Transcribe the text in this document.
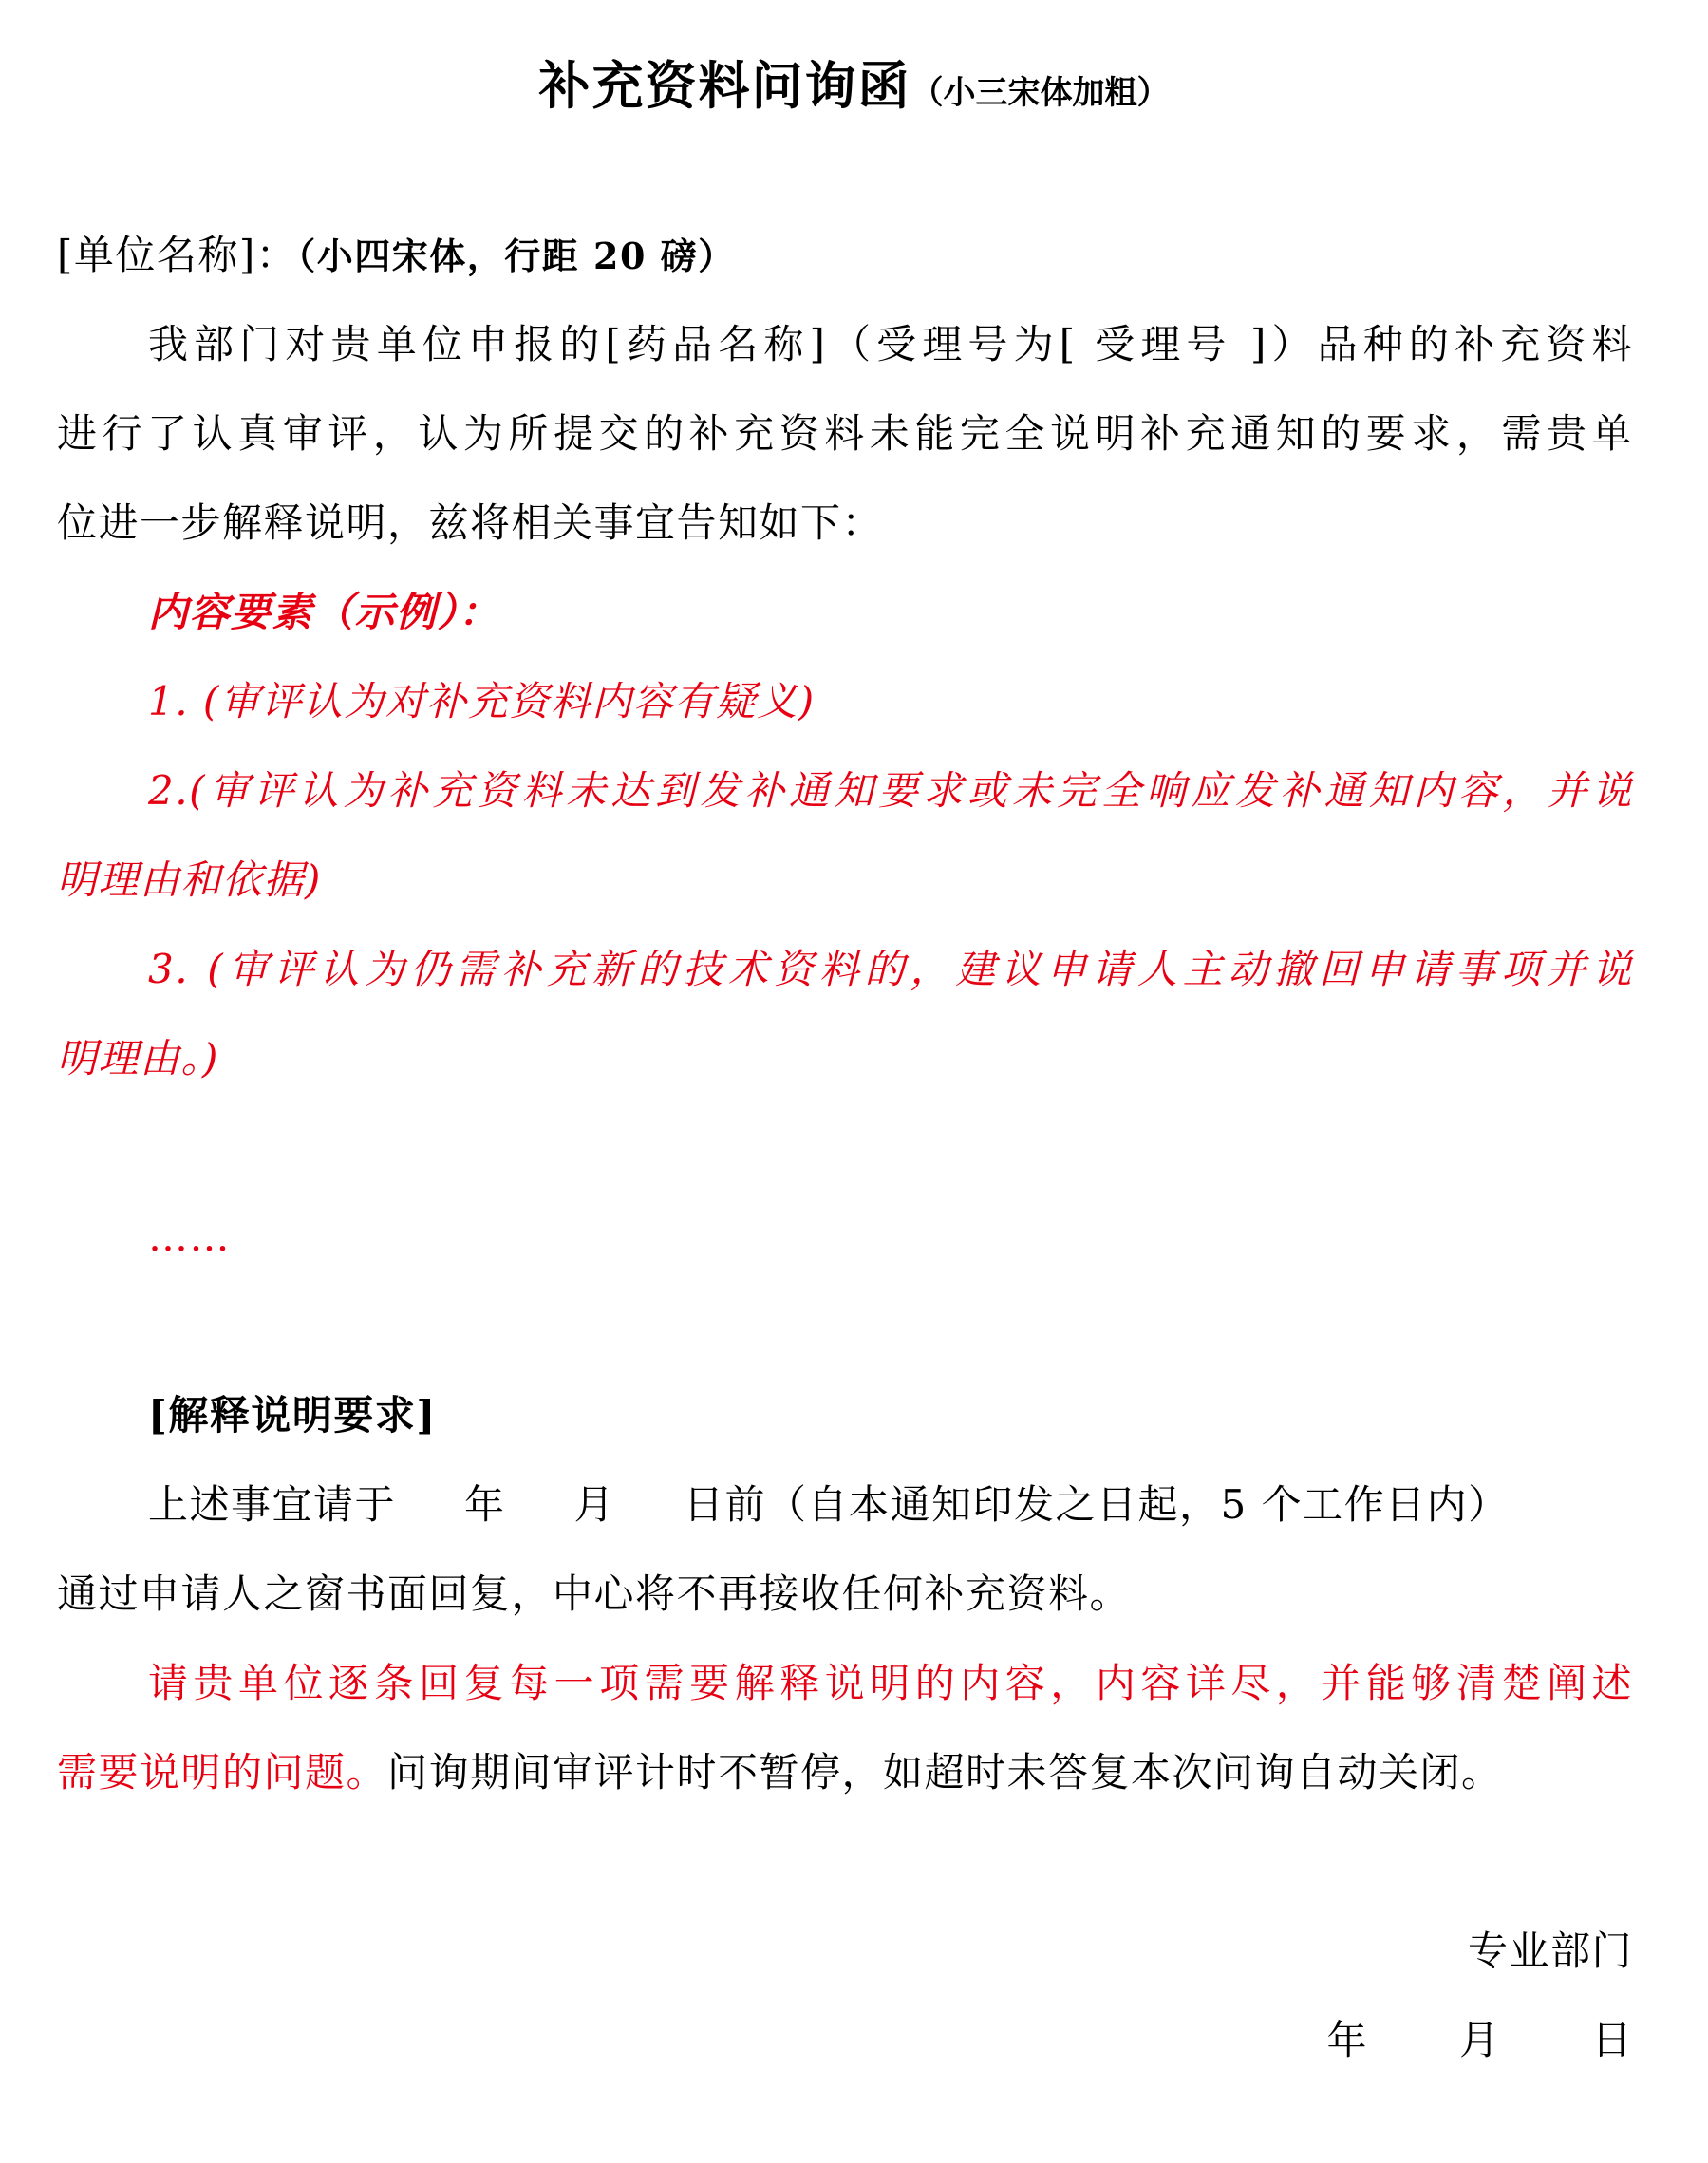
补充资料问询函（小三宋体加粗）
[单位名称]：（小四宋体，行距 20 磅）
我部门对贵单位申报的[药品名称]（受理号为[ 受理号 ]）品种的补充资料
进行了认真审评，认为所提交的补充资料未能完全说明补充通知的要求，需贵单
位进一步解释说明，兹将相关事宜告知如下：
内容要素（示例）：
1. (审评认为对补充资料内容有疑义)
2.(审评认为补充资料未达到发补通知要求或未完全响应发补通知内容，并说
明理由和依据)
3. (审评认为仍需补充新的技术资料的，建议申请人主动撤回申请事项并说
明理由。)
……
[解释说明要求]
上述事宜请于 年 月 日前（自本通知印发之日起，5 个工作日内）
通过申请人之窗书面回复，中心将不再接收任何补充资料。
请贵单位逐条回复每一项需要解释说明的内容，内容详尽，并能够清楚阐述
需要说明的问题。问询期间审评计时不暂停，如超时未答复本次问询自动关闭。
专业部门
年 月 日
